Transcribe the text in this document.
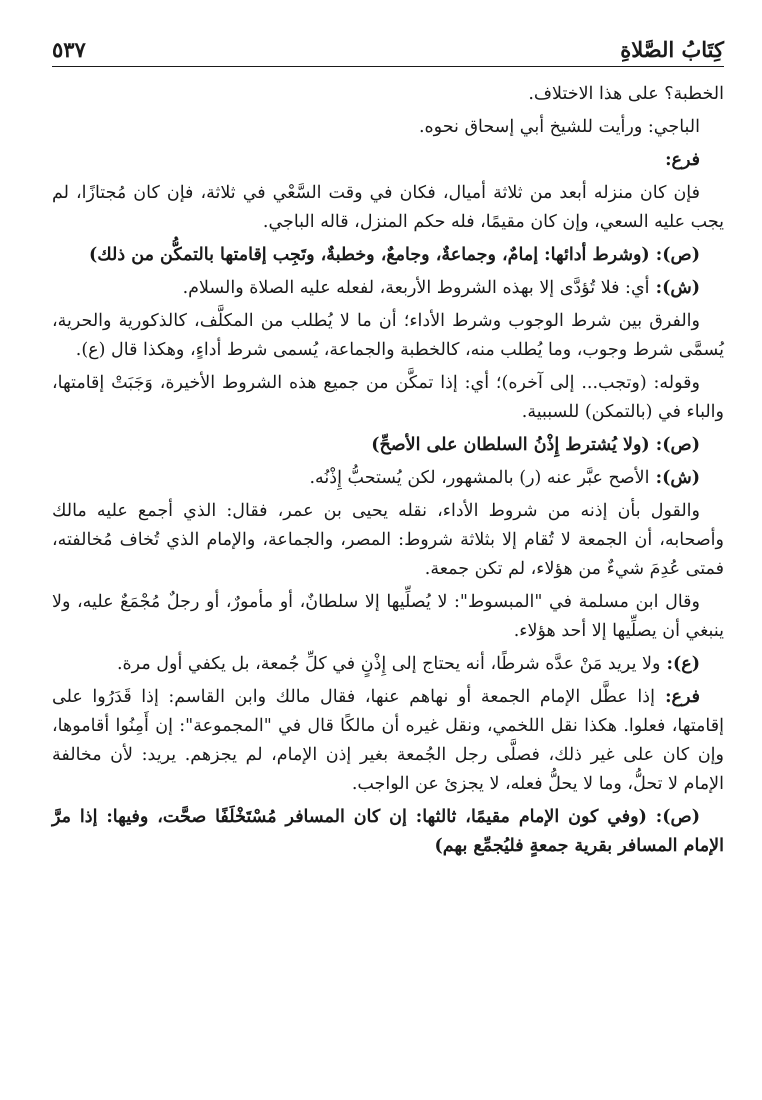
كِتَابُ الصَّلاةِ
٥٣٧

الخطبة؟ على هذا الاختلاف.

الباجي: ورأيت للشيخ أبي إسحاق نحوه.

فرع:

فإن كان منزله أبعد من ثلاثة أميال، فكان في وقت السَّعْي في ثلاثة، فإن كان مُجتازًا، لم يجب عليه السعي، وإن كان مقيمًا، فله حكم المنزل، قاله الباجي.

(ص): (وشرط أدائها: إمامٌ، وجماعةٌ، وجامعٌ، وخطبةٌ، وتَجِب إقامتها بالتمكُّن من ذلك)

(ش): أي: فلا تُؤدَّى إلا بهذه الشروط الأربعة، لفعله عليه الصلاة والسلام.

والفرق بين شرط الوجوب وشرط الأداء؛ أن ما لا يُطلب من المكلَّف، كالذكورية والحرية، يُسمَّى شرط وجوب، وما يُطلب منه، كالخطبة والجماعة، يُسمى شرط أداءٍ، وهكذا قال (ع).

وقوله: (وتجب... إلى آخره)؛ أي: إذا تمكَّن من جميع هذه الشروط الأخيرة، وَجَبَتْ إقامتها، والباء في (بالتمكن) للسببية.

(ص): (ولا يُشترط إِذْنُ السلطان على الأصحِّ)

(ش): الأصح عبَّر عنه (ر) بالمشهور، لكن يُستحبُّ إِذْنُه.

والقول بأن إذنه من شروط الأداء، نقله يحيى بن عمر، فقال: الذي أجمع عليه مالك وأصحابه، أن الجمعة لا تُقام إلا بثلاثة شروط: المصر، والجماعة، والإمام الذي تُخاف مُخالفته، فمتى عُدِمَ شيءٌ من هؤلاء، لم تكن جمعة.

وقال ابن مسلمة في "المبسوط": لا يُصلِّيها إلا سلطانٌ، أو مأمورٌ، أو رجلٌ مُجْمَعٌ عليه، ولا ينبغي أن يصلِّيها إلا أحد هؤلاء.

(ع): ولا يريد مَنْ عدَّه شرطًا، أنه يحتاج إلى إِذْنٍ في كلِّ جُمعة، بل يكفي أول مرة.

فرع: إذا عطَّل الإمام الجمعة أو نهاهم عنها، فقال مالك وابن القاسم: إذا قَدَرُوا على إقامتها، فعلوا. هكذا نقل اللخمي، ونقل غيره أن مالكًا قال في "المجموعة": إن أَمِنُوا أقاموها، وإن كان على غير ذلك، فصلَّى رجل الجُمعة بغير إذن الإمام، لم يجزهم. يريد: لأن مخالفة الإمام لا تحلُّ، وما لا يحلُّ فعله، لا يجزئ عن الواجب.

(ص): (وفي كون الإمام مقيمًا، ثالثها: إن كان المسافر مُسْتَخْلَفًا صحَّت، وفيها: إذا مرَّ الإمام المسافر بقرية جمعةٍ فليُجمِّع بهم)
